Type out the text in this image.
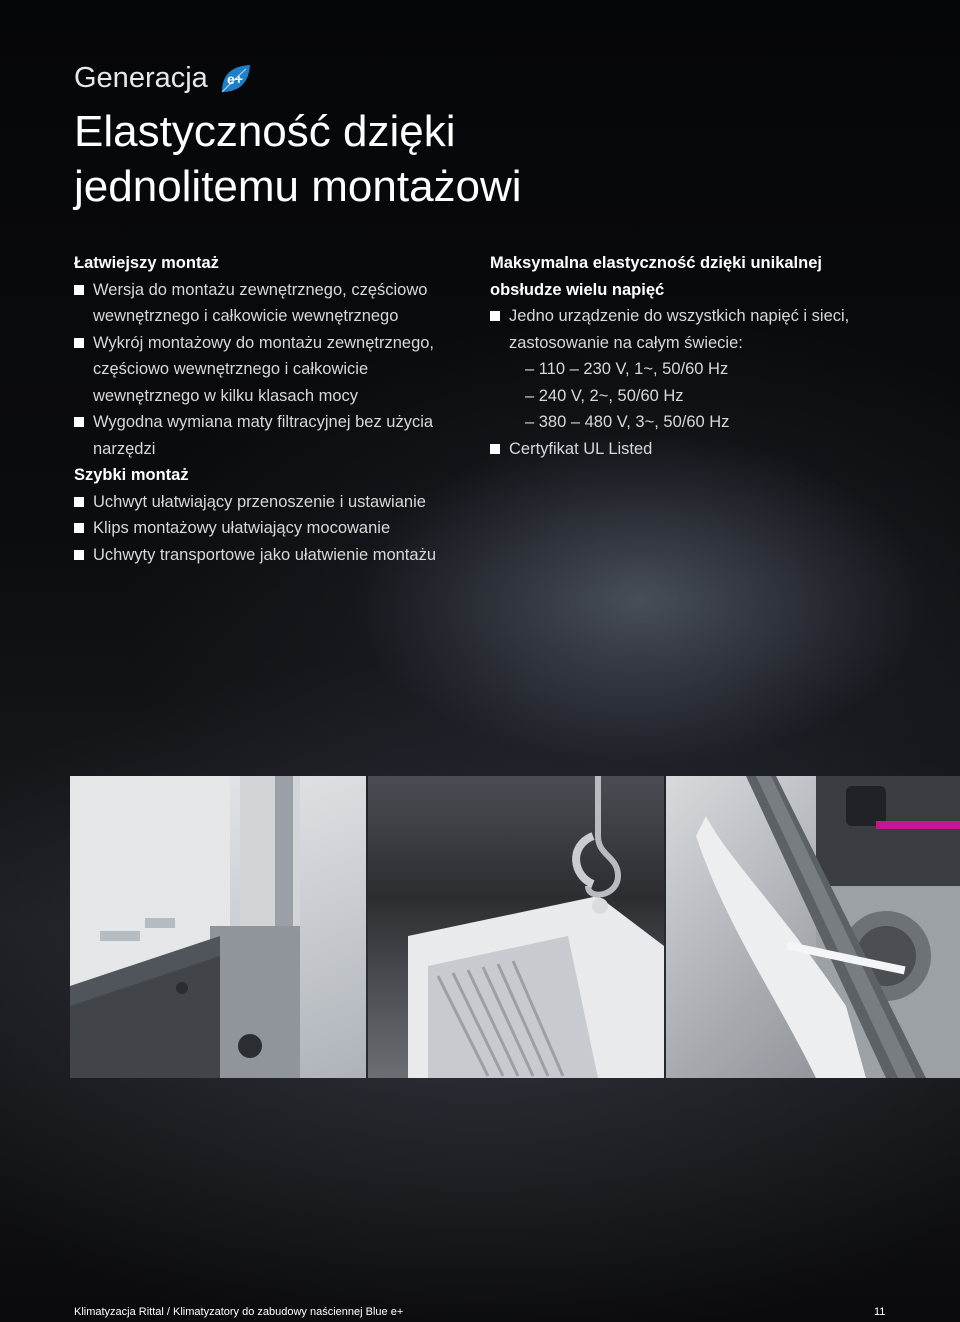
Generacja e+
Elastyczność dzięki
jednolitemu montażowi
Łatwiejszy montaż
Wersja do montażu zewnętrznego, częściowo
wewnętrznego i całkowicie wewnętrznego
Wykrój montażowy do montażu zewnętrznego,
częściowo wewnętrznego i całkowicie
wewnętrznego w kilku klasach mocy
Wygodna wymiana maty filtracyjnej bez użycia
narzędzi
Szybki montaż
Uchwyt ułatwiający przenoszenie i ustawianie
Klips montażowy ułatwiający mocowanie
Uchwyty transportowe jako ułatwienie montażu
Maksymalna elastyczność dzięki unikalnej
obsłudze wielu napięć
Jedno urządzenie do wszystkich napięć i sieci,
zastosowanie na całym świecie:
– 110 – 230 V, 1~, 50/60 Hz
– 240 V, 2~, 50/60 Hz
– 380 – 480 V, 3~, 50/60 Hz
Certyfikat UL Listed
Klimatyzacja Rittal / Klimatyzatory do zabudowy naściennej Blue e+	11
